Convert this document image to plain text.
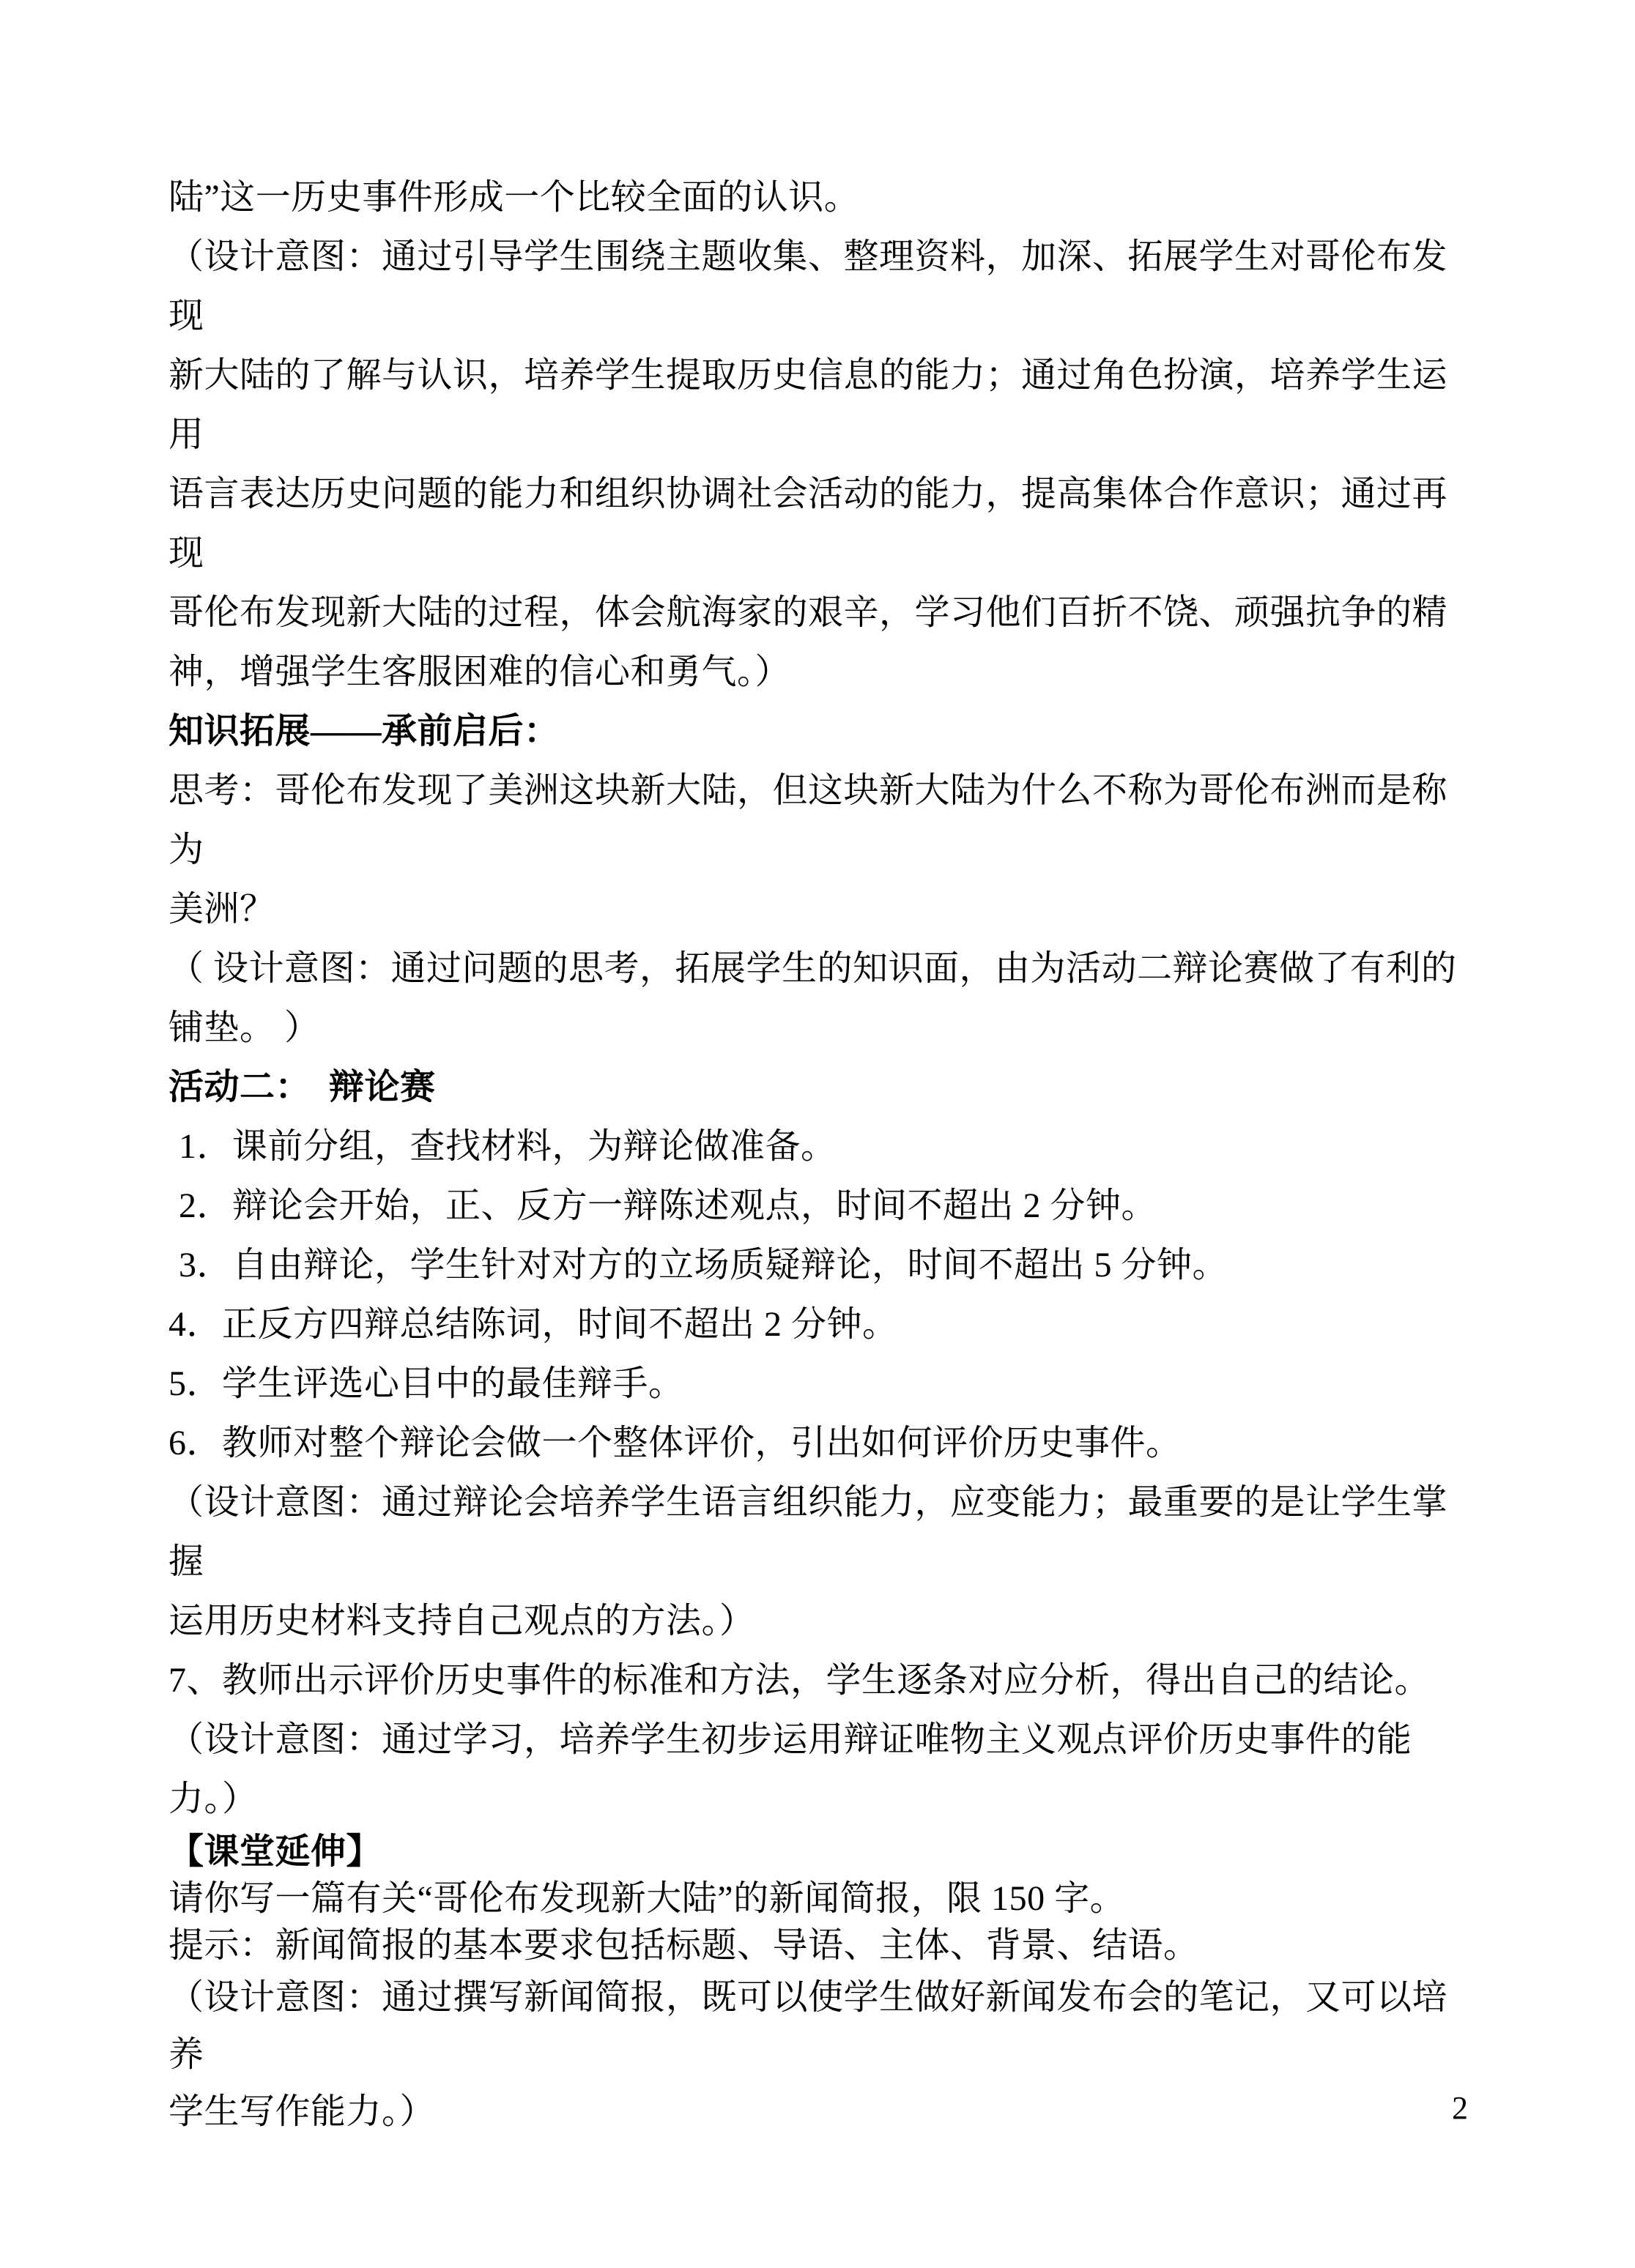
陆”这一历史事件形成一个比较全面的认识。
（设计意图：通过引导学生围绕主题收集、整理资料，加深、拓展学生对哥伦布发现
新大陆的了解与认识，培养学生提取历史信息的能力；通过角色扮演，培养学生运用
语言表达历史问题的能力和组织协调社会活动的能力，提高集体合作意识；通过再现
哥伦布发现新大陆的过程，体会航海家的艰辛，学习他们百折不饶、顽强抗争的精
神，增强学生客服困难的信心和勇气。）
知识拓展——承前启后：
思考：哥伦布发现了美洲这块新大陆，但这块新大陆为什么不称为哥伦布洲而是称为
美洲？
（ 设计意图：通过问题的思考，拓展学生的知识面，由为活动二辩论赛做了有利的
铺垫。 ）
活动二：  辩论赛
1．课前分组，查找材料，为辩论做准备。
2．辩论会开始，正、反方一辩陈述观点，时间不超出 2 分钟。
3．自由辩论，学生针对对方的立场质疑辩论，时间不超出 5 分钟。
4．正反方四辩总结陈词，时间不超出 2 分钟。
5．学生评选心目中的最佳辩手。
6．教师对整个辩论会做一个整体评价，引出如何评价历史事件。
（设计意图：通过辩论会培养学生语言组织能力，应变能力；最重要的是让学生掌握
运用历史材料支持自己观点的方法。）
7、教师出示评价历史事件的标准和方法，学生逐条对应分析，得出自己的结论。
（设计意图：通过学习，培养学生初步运用辩证唯物主义观点评价历史事件的能
力。）
【课堂延伸】
请你写一篇有关“哥伦布发现新大陆”的新闻简报，限 150 字。
提示：新闻简报的基本要求包括标题、导语、主体、背景、结语。
（设计意图：通过撰写新闻简报，既可以使学生做好新闻发布会的笔记，又可以培养
学生写作能力。）	2
